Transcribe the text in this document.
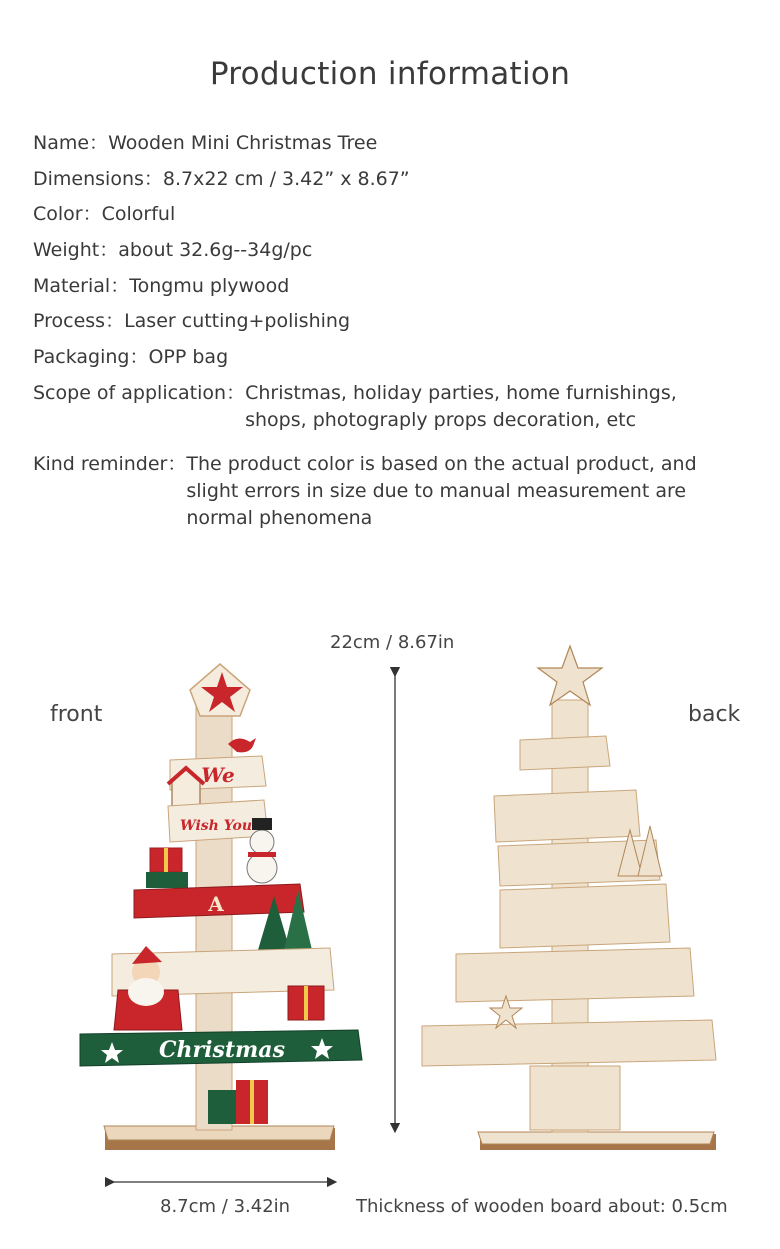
Production information
Name：Wooden Mini Christmas Tree
Dimensions：8.7x22 cm / 3.42” x 8.67”
Color：Colorful
Weight：about 32.6g--34g/pc
Material：Tongmu plywood
Process：Laser cutting+polishing
Packaging：OPP bag
Scope of application：Christmas, holiday parties, home furnishings,
shops, photograply props decoration, etc
Kind reminder：The product color is based on the actual product, and
slight errors in size due to manual measurement are
normal phenomena
22cm / 8.67in
front	back
8.7cm / 3.42in	Thickness of wooden board about: 0.5cm
We
Wish You
A
Christmas
